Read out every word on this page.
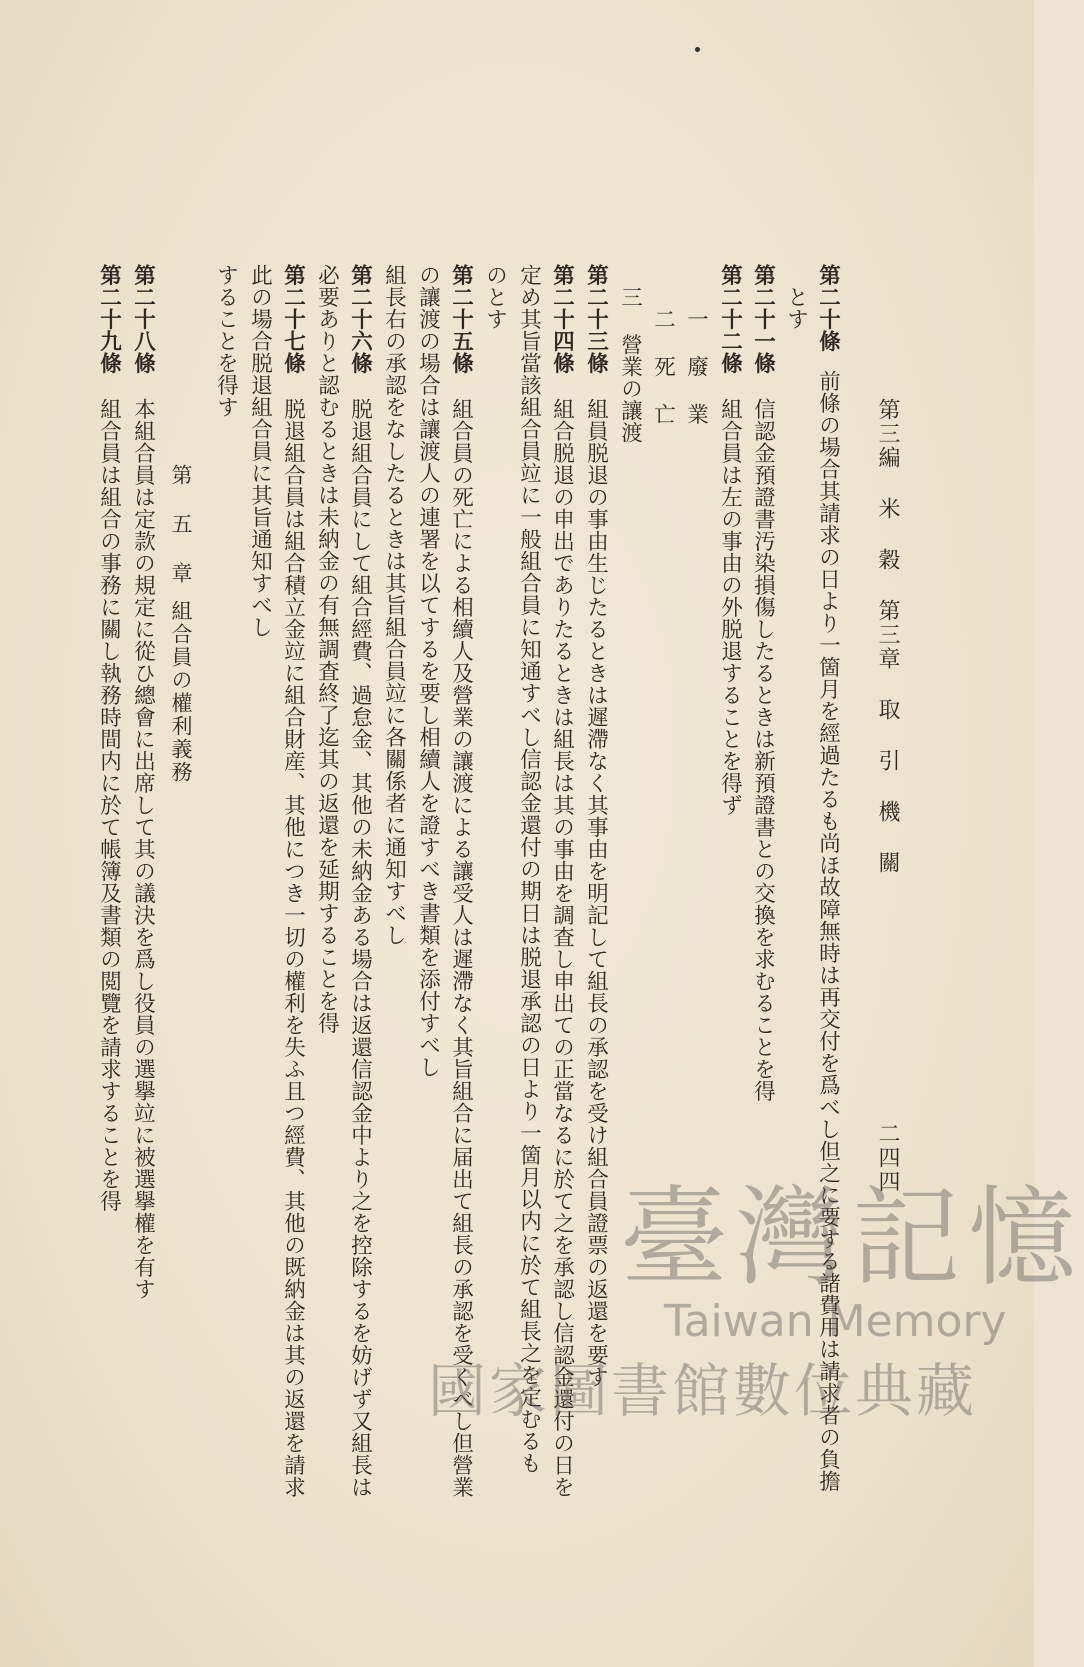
第三編 米 穀 第三章 取 引 機 關
二四四
第二十條
前條の場合其請求の日より一箇月を經過たるも尚ほ故障無時は再交付を爲べし但之に要する諸費用は請求者の負擔
とす
第二十一條
信認金預證書汚染損傷したるときは新預證書との交換を求むることを得
第二十二條
組合員は左の事由の外脱退することを得ず
一 廢 業
二 死 亡
三 營業の讓渡
第二十三條
組員脱退の事由生じたるときは遲滯なく其事由を明記して組長の承認を受け組合員證票の返還を要す
第二十四條
組合脱退の申出でありたるときは組長は其の事由を調査し申出ての正當なるに於て之を承認し信認金還付の日を
定め其旨當該組合員竝に一般組合員に知通すべし信認金還付の期日は脱退承認の日より一箇月以内に於て組長之を定むるも
のとす
第二十五條
組合員の死亡による相續人及營業の讓渡による讓受人は遲滯なく其旨組合に届出て組長の承認を受くべし但營業
の讓渡の場合は讓渡人の連署を以てするを要し相續人を證すべき書類を添付すべし
組長右の承認をなしたるときは其旨組合員竝に各關係者に通知すべし
第二十六條
脱退組合員にして組合經費、過怠金、其他の未納金ある場合は返還信認金中より之を控除するを妨げず又組長は
必要ありと認むるときは未納金の有無調査終了迄其の返還を延期することを得
第二十七條
脱退組合員は組合積立金竝に組合財産、其他につき一切の權利を失ふ且つ經費、其他の既納金は其の返還を請求
此の場合脱退組合員に其旨通知すべし
することを得す
第 五 章
組合員の權利義務
第二十八條
本組合員は定款の規定に從ひ總會に出席して其の議決を爲し役員の選擧竝に被選擧權を有す
第二十九條
組合員は組合の事務に關し執務時間内に於て帳簿及書類の閲覽を請求することを得
臺灣記憶
Taiwan Memory
國家圖書館數位典藏
